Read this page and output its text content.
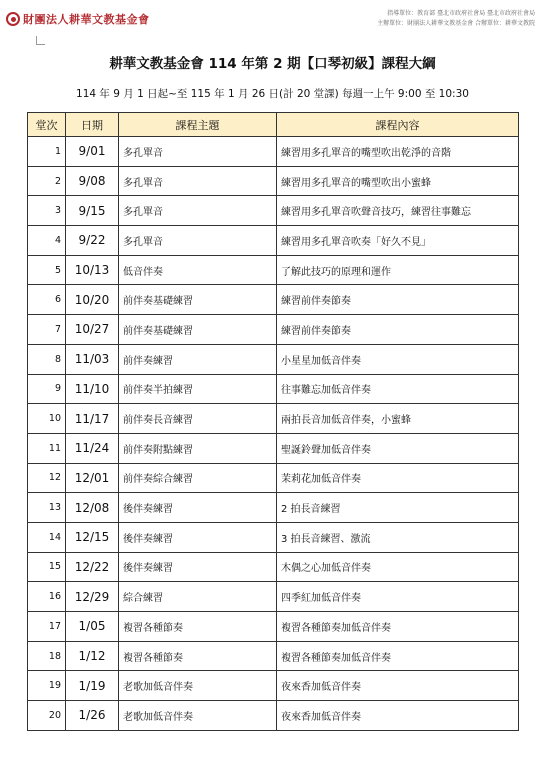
財團法人耕華文教基金會	指導單位：教育部 臺北市政府社會局 臺北市政府社會局
主辦單位：財團法人耕華文教基金會 合辦單位：耕華文教院
耕華文教基金會 114 年第 2 期【口琴初級】課程大綱
114 年 9 月 1 日起~至 115 年 1 月 26 日(計 20 堂課) 每週一上午 9:00 至 10:30
堂次	日期	課程主題	課程內容
1	9/01	多孔單音	練習用多孔單音的嘴型吹出乾淨的音階
2	9/08	多孔單音	練習用多孔單音的嘴型吹出小蜜蜂
3	9/15	多孔單音	練習用多孔單音吹聲音技巧，練習往事難忘
4	9/22	多孔單音	練習用多孔單音吹奏「好久不見」
5	10/13	低音伴奏	了解此技巧的原理和運作
6	10/20	前伴奏基礎練習	練習前伴奏節奏
7	10/27	前伴奏基礎練習	練習前伴奏節奏
8	11/03	前伴奏練習	小星星加低音伴奏
9	11/10	前伴奏半拍練習	往事難忘加低音伴奏
10	11/17	前伴奏長音練習	兩拍長音加低音伴奏，小蜜蜂
11	11/24	前伴奏附點練習	聖誕鈴聲加低音伴奏
12	12/01	前伴奏綜合練習	茉莉花加低音伴奏
13	12/08	後伴奏練習	2 拍長音練習
14	12/15	後伴奏練習	3 拍長音練習、激流
15	12/22	後伴奏練習	木偶之心加低音伴奏
16	12/29	綜合練習	四季紅加低音伴奏
17	1/05	複習各種節奏	複習各種節奏加低音伴奏
18	1/12	複習各種節奏	複習各種節奏加低音伴奏
19	1/19	老歌加低音伴奏	夜來香加低音伴奏
20	1/26	老歌加低音伴奏	夜來香加低音伴奏
